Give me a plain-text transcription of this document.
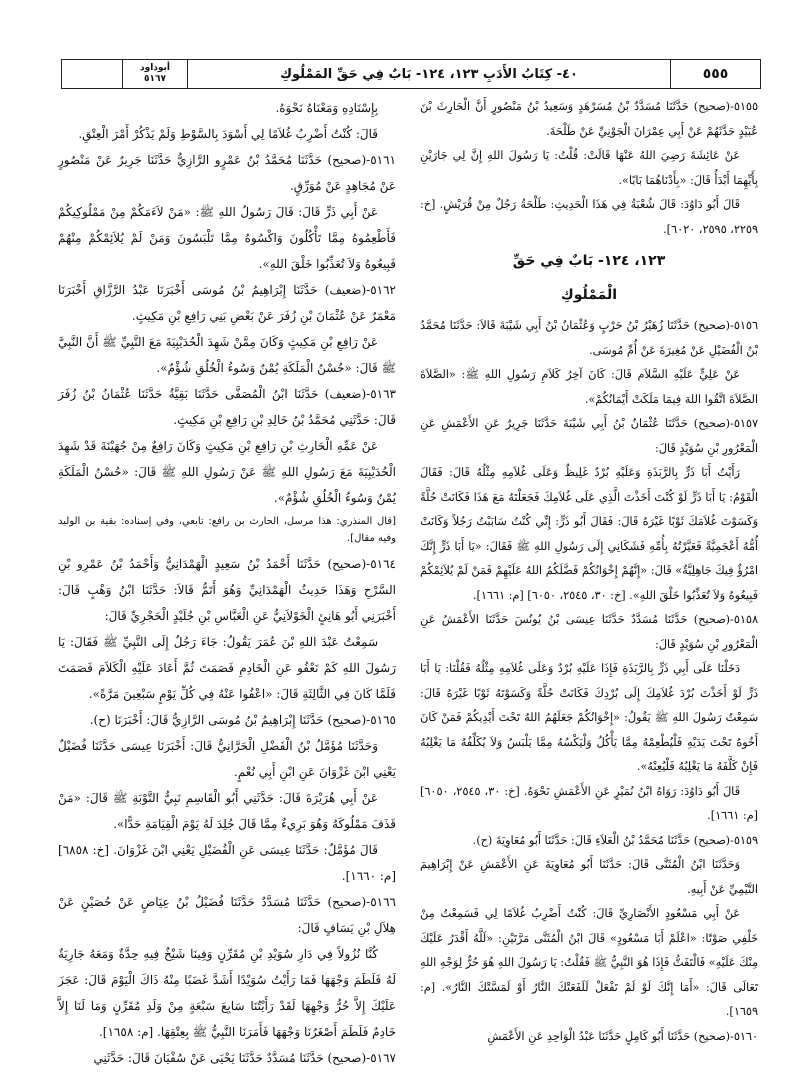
٥٥٥
٤٠- كِتَابُ الأَدَبِ ١٢٣، ١٢٤- بَابٌ فِي حَقِّ المَمْلُوكِ
أبوداود
٥١٦٧

٥١٥٥-(صحيح) حَدَّثَنَا مُسَدَّدٌ بْنُ مُسَرْهَدٍ وَسَعِيدُ بْنُ مَنْصُورٍ أَنَّ الْحَارِثَ بْنَ عُبَيْدٍ حَدَّثَهُمْ عَنْ أَبِي عِمْرَانَ الْجَوْنِيِّ عَنْ طَلْحَةَ.

عَنْ عَائِشَةَ رَضِيَ اللهُ عَنْهَا قَالَتْ: قُلْتُ: يَا رَسُولَ اللهِ إِنَّ لِي جَارَيْنِ بِأَيِّهِمَا أَبْدَأُ قَالَ: «بِأَدْنَاهُمَا بَابًا».

قَالَ أَبُو دَاوُدَ: قَالَ شُعْبَةُ فِي هَذَا الْحَدِيثِ: طَلْحَةُ رَجُلٌ مِنْ قُرَيْشٍ. [خ: ٢٢٥٩، ٢٥٩٥، ٦٠٢٠].

١٢٣، ١٢٤- بَابٌ فِي حَقِّ

الْمَمْلُوكِ

٥١٥٦-(صحيح) حَدَّثَنَا زُهَيْرُ بْنُ حَرْبٍ وَعُثْمَانُ بْنُ أَبِي شَيْبَةَ قَالاَ: حَدَّثَنَا مُحَمَّدُ بْنُ الْفُضَيْلِ عَنْ مُغِيرَةَ عَنْ أُمِّ مُوسَى.

عَنْ عَلِيٍّ عَلَيْهِ السَّلاَم قَالَ: كَانَ آخِرُ كَلاَمِ رَسُولِ اللهِ ﷺ: «الصَّلاَةَ الصَّلاَةَ اتَّقُوا اللهَ فِيمَا مَلَكَتْ أَيْمَانُكُمْ».

٥١٥٧-(صحيح) حَدَّثَنَا عُثْمَانُ بْنُ أَبِي شَيْبَةَ حَدَّثَنَا جَرِيرٌ عَنِ الأَعْمَشِ عَنِ الْمَعْرُورِ بْنِ سُوَيْدٍ قَالَ:

رَأَيْتُ أَبَا ذَرٍّ بِالرَّبَذَةِ وَعَلَيْهِ بُرْدٌ غَلِيظٌ وَعَلَى غُلاَمِهِ مِثْلُهُ قَالَ: فَقَالَ الْقَوْمُ: يَا أَبَا ذَرٍّ لَوْ كُنْتَ أَخَذْتَ الَّذِي عَلَى غُلاَمِكَ فَجَعَلْتَهُ مَعَ هَذَا فَكَانَتْ حُلَّةً وَكَسَوْتَ غُلاَمَكَ ثَوْبًا غَيْرَهُ قَالَ: فَقَالَ أَبُو ذَرٍّ: إِنِّي كُنْتُ سَابَبْتُ رَجُلاً وَكَانَتْ أُمُّهُ أَعْجَمِيَّةً فَعَيَّرْتُهُ بِأُمِّهِ فَشَكَانِي إِلَى رَسُولِ اللهِ ﷺ فَقَالَ: «يَا أَبَا ذَرٍّ إِنَّكَ امْرُؤٌ فِيكَ جَاهِلِيَّةٌ» قَالَ: «إِنَّهُمْ إِخْوَانُكُمْ فَضَّلَكُمُ اللهُ عَلَيْهِمْ فَمَنْ لَمْ يُلاَئِمْكُمْ فَبِيعُوهُ وَلاَ تُعَذِّبُوا خَلْقَ اللهِ». [خ: ٣٠، ٢٥٤٥، ٦٠٥٠] [م: ١٦٦١].

٥١٥٨-(صحيح) حَدَّثَنَا مُسَدَّدٌ حَدَّثَنَا عِيسَى بْنُ يُونُسَ حَدَّثَنَا الأَعْمَشُ عَنِ الْمَعْرُورِ بْنِ سُوَيْدٍ قَالَ:

دَخَلْنَا عَلَى أَبِي ذَرٍّ بِالرَّبَذَةِ فَإِذَا عَلَيْهِ بُرْدٌ وَعَلَى غُلاَمِهِ مِثْلُهُ فَقُلْنَا: يَا أَبَا ذَرٍّ لَوْ أَخَذْتَ بُرْدَ غُلاَمِكَ إِلَى بُرْدِكَ فَكَانَتْ حُلَّةً وَكَسَوْتَهُ ثَوْبًا غَيْرَهُ قَالَ: سَمِعْتُ رَسُولَ اللهِ ﷺ يَقُولُ: «إِخْوَانُكُمْ جَعَلَهُمُ اللهُ تَحْتَ أَيْدِيكُمْ فَمَنْ كَانَ أَخُوهُ تَحْتَ يَدَيْهِ فَلْيُطْعِمْهُ مِمَّا يَأْكُلُ وَلْيَكْسُهُ مِمَّا يَلْبَسُ وَلاَ يُكَلِّفُهُ مَا يَغْلِبُهُ فَإِنْ كَلَّفَهُ مَا يَغْلِبُهُ فَلْيُعِنْهُ».

قَالَ أَبُو دَاوُدَ: رَوَاهُ ابْنُ نُمَيْرٍ عَنِ الأَعْمَشِ نَحْوَهُ. [خ: ٣٠، ٢٥٤٥، ٦٠٥٠] [م: ١٦٦١].

٥١٥٩-(صحيح) حَدَّثَنَا مُحَمَّدُ بْنُ الْعَلاَءِ قَالَ: حَدَّثَنَا أَبُو مُعَاوِيَةَ (ح).

وَحَدَّثَنَا ابْنُ الْمُثَنَّى قَالَ: حَدَّثَنَا أَبُو مُعَاوِيَةَ عَنِ الأَعْمَشِ عَنْ إِبْرَاهِيمَ التَّيْمِيِّ عَنْ أَبِيهِ.

عَنْ أَبِي مَسْعُودٍ الأَنْصَارِيِّ قَالَ: كُنْتُ أَضْرِبُ غُلاَمًا لِي فَسَمِعْتُ مِنْ خَلْفِي صَوْتًا: «اعْلَمْ أَبَا مَسْعُودٍ» قَالَ ابْنُ الْمُثَنَّى مَرَّتَيْنِ: «لَلَّهُ أَقْدَرُ عَلَيْكَ مِنْكَ عَلَيْهِ» فَالْتَفَتُّ فَإِذَا هُوَ النَّبِيُّ ﷺ فَقُلْتُ: يَا رَسُولَ اللهِ هُوَ حُرٌّ لِوَجْهِ اللهِ تَعَالَى قَالَ: «أَمَا إِنَّكَ لَوْ لَمْ تَفْعَلْ لَلَفَعَتْكَ النَّارُ أَوْ لَمَسَّتْكَ النَّارُ». [م: ١٦٥٩].

٥١٦٠-(صحيح) حَدَّثَنَا أَبُو كَامِلٍ حَدَّثَنَا عَبْدُ الْوَاحِدِ عَنِ الأَعْمَشِ

بِإِسْنَادِهِ وَمَعْنَاهُ نَحْوَهُ.

قَالَ: كُنْتُ أَضْرِبُ غُلاَمًا لِي أَسْوَدَ بِالسَّوْطِ وَلَمْ يَذْكُرْ أَمْرَ الْعِتْقِ.

٥١٦١-(صحيح) حَدَّثَنَا مُحَمَّدُ بْنُ عَمْرٍو الرَّازِيُّ حَدَّثَنَا جَرِيرٌ عَنْ مَنْصُورٍ عَنْ مُجَاهِدٍ عَنْ مُوَرِّقٍ.

عَنْ أَبِي ذَرٍّ قَالَ: قَالَ رَسُولُ اللهِ ﷺ: «مَنْ لاَءَمَكُمْ مِنْ مَمْلُوكِيكُمْ فَأَطْعِمُوهُ مِمَّا تَأْكُلُونَ وَاكْسُوهُ مِمَّا تَلْبَسُونَ وَمَنْ لَمْ يُلاَئِمْكُمْ مِنْهُمْ فَبِيعُوهُ وَلاَ تُعَذِّبُوا خَلْقَ اللهِ».

٥١٦٢-(ضعيف) حَدَّثَنَا إِبْرَاهِيمُ بْنُ مُوسَى أَخْبَرَنَا عَبْدُ الرَّزَّاقِ أَخْبَرَنَا مَعْمَرٌ عَنْ عُثْمَانَ بْنِ زُفَرَ عَنْ بَعْضِ بَنِي رَافِعِ بْنِ مَكِيثٍ.

عَنْ رَافِعِ بْنِ مَكِيثٍ وَكَانَ مِمَّنْ شَهِدَ الْحُدَيْبِيَةَ مَعَ النَّبِيِّ ﷺ أَنَّ النَّبِيَّ ﷺ قَالَ: «حُسْنُ الْمَلَكَةِ يُمْنٌ وَسُوءُ الْخُلُقِ شُؤْمٌ».

٥١٦٣-(ضعيف) حَدَّثَنَا ابْنُ الْمُصَفَّى حَدَّثَنَا بَقِيَّةُ حَدَّثَنَا عُثْمَانُ بْنُ زُفَرَ قَالَ: حَدَّثَنِي مُحَمَّدُ بْنُ خَالِدِ بْنِ رَافِعِ بْنِ مَكِيثٍ.

عَنْ عَمِّهِ الْحَارِثِ بْنِ رَافِعِ بْنِ مَكِيثٍ وَكَانَ رَافِعٌ مِنْ جُهَيْنَةَ قَدْ شَهِدَ الْحُدَيْبِيَةَ مَعَ رَسُولِ اللهِ ﷺ عَنْ رَسُولِ اللهِ ﷺ قَالَ: «حُسْنُ الْمَلَكَةِ يُمْنٌ وَسُوءُ الْخُلُقِ شُؤْمٌ».

[قال المنذري: هذا مرسل، الحارث بن رافع: تابعي، وفي إسناده: بقية بن الوليد وفيه مقال].

٥١٦٤-(صحيح) حَدَّثَنَا أَحْمَدُ بْنُ سَعِيدٍ الْهَمْدَانِيُّ وَأَحْمَدُ بْنُ عَمْرِو بْنِ السَّرْحِ وَهَذَا حَدِيثُ الْهَمْدَانِيِّ وَهُوَ أَتَمُّ قَالاَ: حَدَّثَنَا ابْنُ وَهْبٍ قَالَ: أَخْبَرَنِي أَبُو هَانِئٍ الْخَوْلاَنِيُّ عَنِ الْعَبَّاسِ بْنِ جُلَيْدٍ الْحَجْرِيِّ قَالَ:

سَمِعْتُ عَبْدَ اللهِ بْنَ عُمَرَ يَقُولُ: جَاءَ رَجُلٌ إِلَى النَّبِيِّ ﷺ فَقَالَ: يَا رَسُولَ اللهِ كَمْ نَعْفُو عَنِ الْخَادِمِ فَصَمَتَ ثُمَّ أَعَادَ عَلَيْهِ الْكَلاَمَ فَصَمَتَ فَلَمَّا كَانَ فِي الثَّالِثَةِ قَالَ: «اعْفُوا عَنْهُ فِي كُلِّ يَوْمٍ سَبْعِينَ مَرَّةً».

٥١٦٥-(صحيح) حَدَّثَنَا إِبْرَاهِيمُ بْنُ مُوسَى الرَّازِيُّ قَالَ: أَخْبَرَنَا (ح).

وَحَدَّثَنَا مُؤَمَّلُ بْنُ الْفَضْلِ الْحَرَّانِيُّ قَالَ: أَخْبَرَنَا عِيسَى حَدَّثَنَا فُضَيْلٌ يَعْنِي ابْنَ غَزْوَانَ عَنِ ابْنِ أَبِي نُعْمٍ.

عَنْ أَبِي هُرَيْرَةَ قَالَ: حَدَّثَنِي أَبُو الْقَاسِمِ نَبِيُّ التَّوْبَةِ ﷺ قَالَ: «مَنْ قَذَفَ مَمْلُوكَهُ وَهُوَ بَرِيءٌ مِمَّا قَالَ جُلِدَ لَهُ يَوْمَ الْقِيَامَةِ حَدًّا».

قَالَ مُؤَمَّلٌ: حَدَّثَنَا عِيسَى عَنِ الْفُضَيْلِ يَعْنِي ابْنَ غَزْوَانَ. [خ: ٦٨٥٨] [م: ١٦٦٠].

٥١٦٦-(صحيح) حَدَّثَنَا مُسَدَّدٌ حَدَّثَنَا فُضَيْلُ بْنُ عِيَاضٍ عَنْ حُصَيْنٍ عَنْ هِلاَلِ بْنِ يَسَافٍ قَالَ:

كُنَّا نُزُولاً فِي دَارِ سُوَيْدِ بْنِ مُقَرِّنٍ وَفِينَا شَيْخٌ فِيهِ حِدَّةٌ وَمَعَهُ جَارِيَةٌ لَهُ فَلَطَمَ وَجْهَهَا فَمَا رَأَيْتُ سُوَيْدًا أَشَدَّ غَضَبًا مِنْهُ ذَاكَ الْيَوْمَ قَالَ: عَجَزَ عَلَيْكَ إِلاَّ حُرُّ وَجْهِهَا لَقَدْ رَأَيْتُنَا سَابِعَ سَبْعَةٍ مِنْ وَلَدِ مُقَرِّنٍ وَمَا لَنَا إِلاَّ خَادِمٌ فَلَطَمَ أَصْغَرُنَا وَجْهَهَا فَأَمَرَنَا النَّبِيُّ ﷺ بِعِتْقِهَا. [م: ١٦٥٨].

٥١٦٧-(صحيح) حَدَّثَنَا مُسَدَّدٌ حَدَّثَنَا يَحْيَى عَنْ سُفْيَانَ قَالَ: حَدَّثَنِي
